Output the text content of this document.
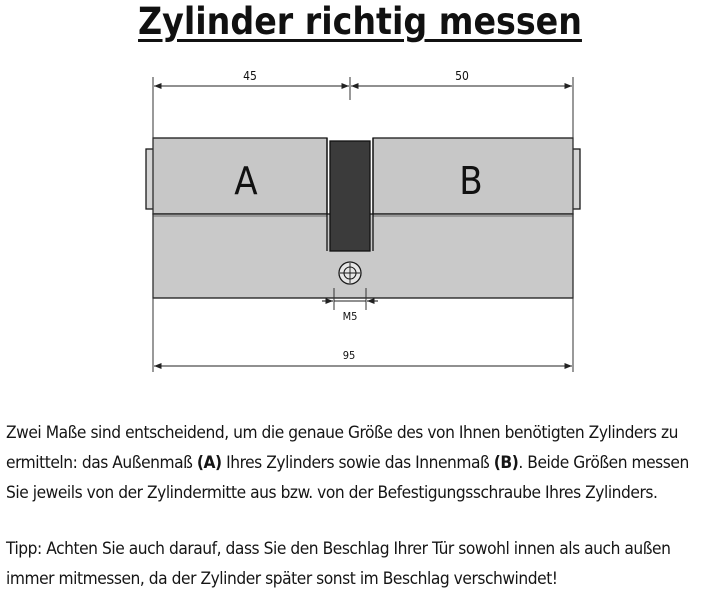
Zylinder richtig messen
A	B
45	50
M5
95
Zwei Maße sind entscheidend, um die genaue Größe des von Ihnen benötigten Zylinders zu
ermitteln: das Außenmaß (A) Ihres Zylinders sowie das Innenmaß (B). Beide Größen messen
Sie jeweils von der Zylindermitte aus bzw. von der Befestigungsschraube Ihres Zylinders.
Tipp: Achten Sie auch darauf, dass Sie den Beschlag Ihrer Tür sowohl innen als auch außen
immer mitmessen, da der Zylinder später sonst im Beschlag verschwindet!
